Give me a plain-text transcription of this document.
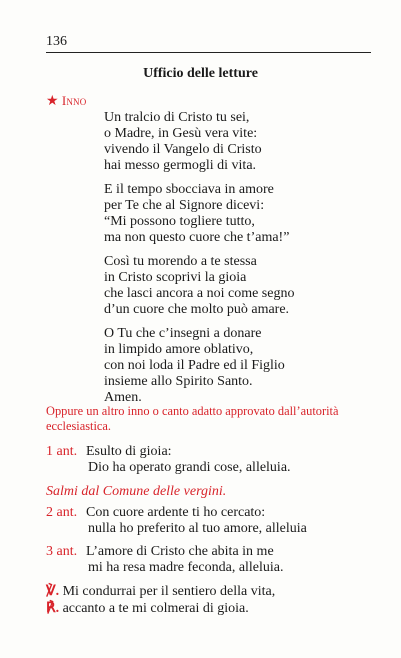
136
Ufficio delle letture
★ Inno
Un tralcio di Cristo tu sei,
o Madre, in Gesù vera vite:
vivendo il Vangelo di Cristo
hai messo germogli di vita.
E il tempo sbocciava in amore
per Te che al Signore dicevi:
“Mi possono togliere tutto,
ma non questo cuore che t’ama!”
Così tu morendo a te stessa
in Cristo scoprivi la gioia
che lasci ancora a noi come segno
d’un cuore che molto può amare.
O Tu che c’insegni a donare
in limpido amore oblativo,
con noi loda il Padre ed il Figlio
insieme allo Spirito Santo.
Amen.
Oppure un altro inno o canto adatto approvato dall’autorità ecclesiastica.
1 ant. Esulto di gioia:
Dio ha operato grandi cose, alleluia.
Salmi dal Comune delle vergini.
2 ant. Con cuore ardente ti ho cercato:
nulla ho preferito al tuo amore, alleluia
3 ant. L’amore di Cristo che abita in me
mi ha resa madre feconda, alleluia.
℣. Mi condurrai per il sentiero della vita,
℟. accanto a te mi colmerai di gioia.
